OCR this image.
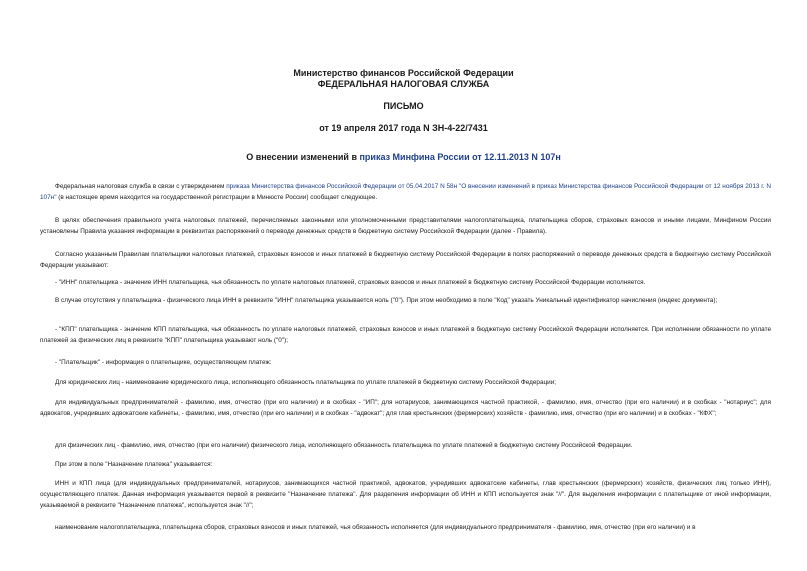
Министерство финансов Российской Федерации
ФЕДЕРАЛЬНАЯ НАЛОГОВАЯ СЛУЖБА
ПИСЬМО
от 19 апреля 2017 года N ЗН-4-22/7431
О внесении изменений в приказ Минфина России от 12.11.2013 N 107н
Федеральная налоговая служба в связи с утверждением приказа Министерства финансов Российской Федерации от 05.04.2017 N 58н "О внесении изменений в приказ Министерства финансов Российской Федерации от 12 ноября 2013 г. N 107н" (в настоящее время находится на государственной регистрации в Минюсте России) сообщает следующее.
В целях обеспечения правильного учета налоговых платежей, перечисляемых законными или уполномоченными представителями налогоплательщика, плательщика сборов, страховых взносов и иными лицами, Минфином России установлены Правила указания информации в реквизитах распоряжений о переводе денежных средств в бюджетную систему Российской Федерации (далее - Правила).
Согласно указанным Правилам плательщики налоговых платежей, страховых взносов и иных платежей в бюджетную систему Российской Федерации в полях распоряжений о переводе денежных средств в бюджетную систему Российской Федерации указывают:
- "ИНН" плательщика - значение ИНН плательщика, чья обязанность по уплате налоговых платежей, страховых взносов и иных платежей в бюджетную систему Российской Федерации исполняется.
В случае отсутствия у плательщика - физического лица ИНН в реквизите "ИНН" плательщика указывается ноль ("0"). При этом необходимо в поле "Код" указать Уникальный идентификатор начисления (индекс документа);
- "КПП" плательщика - значение КПП плательщика, чья обязанность по уплате налоговых платежей, страховых взносов и иных платежей в бюджетную систему Российской Федерации исполняется. При исполнении обязанности по уплате платежей за физических лиц в реквизите "КПП" плательщика указывают ноль ("0");
- "Плательщик" - информация о плательщике, осуществляющем платеж:
Для юридических лиц - наименование юридического лица, исполняющего обязанность плательщика по уплате платежей в бюджетную систему Российской Федерации;
для индивидуальных предпринимателей - фамилию, имя, отчество (при его наличии) и в скобках - "ИП"; для нотариусов, занимающихся частной практикой, - фамилию, имя, отчество (при его наличии) и в скобках - "нотариус"; для адвокатов, учредивших адвокатские кабинеты, - фамилию, имя, отчество (при его наличии) и в скобках - "адвокат"; для глав крестьянских (фермерских) хозяйств - фамилию, имя, отчество (при его наличии) и в скобках - "КФХ";
для физических лиц - фамилию, имя, отчество (при его наличии) физического лица, исполняющего обязанность плательщика по уплате платежей в бюджетную систему Российской Федерации.
При этом в поле "Назначение платежа" указывается:
ИНН и КПП лица (для индивидуальных предпринимателей, нотариусов, занимающихся частной практикой, адвокатов, учредивших адвокатские кабинеты, глав крестьянских (фермерских) хозяйств, физических лиц только ИНН), осуществляющего платеж. Данная информация указывается первой в реквизите "Назначение платежа". Для разделения информации об ИНН и КПП используется знак "//". Для выделения информации с плательщике от иной информации, указываемой в реквизите "Назначение платежа", используется знак "//";
наименование налогоплательщика, плательщика сборов, страховых взносов и иных платежей, чья обязанность исполняется (для индивидуального предпринимателя - фамилию, имя, отчество (при его наличии) и в
